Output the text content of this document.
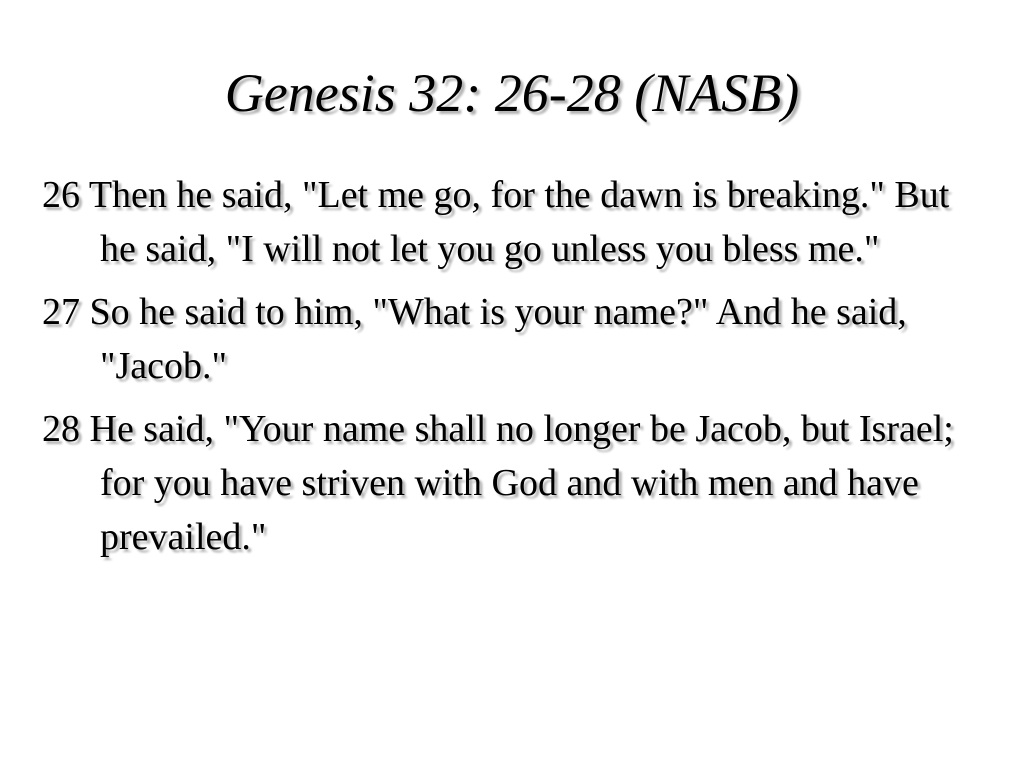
Genesis 32: 26-28 (NASB)
26 Then he said, "Let me go, for the dawn is breaking." But he said, "I will not let you go unless you bless me."
27 So he said to him, "What is your name?" And he said, "Jacob."
28 He said, "Your name shall no longer be Jacob, but Israel; for you have striven with God and with men and have prevailed."
